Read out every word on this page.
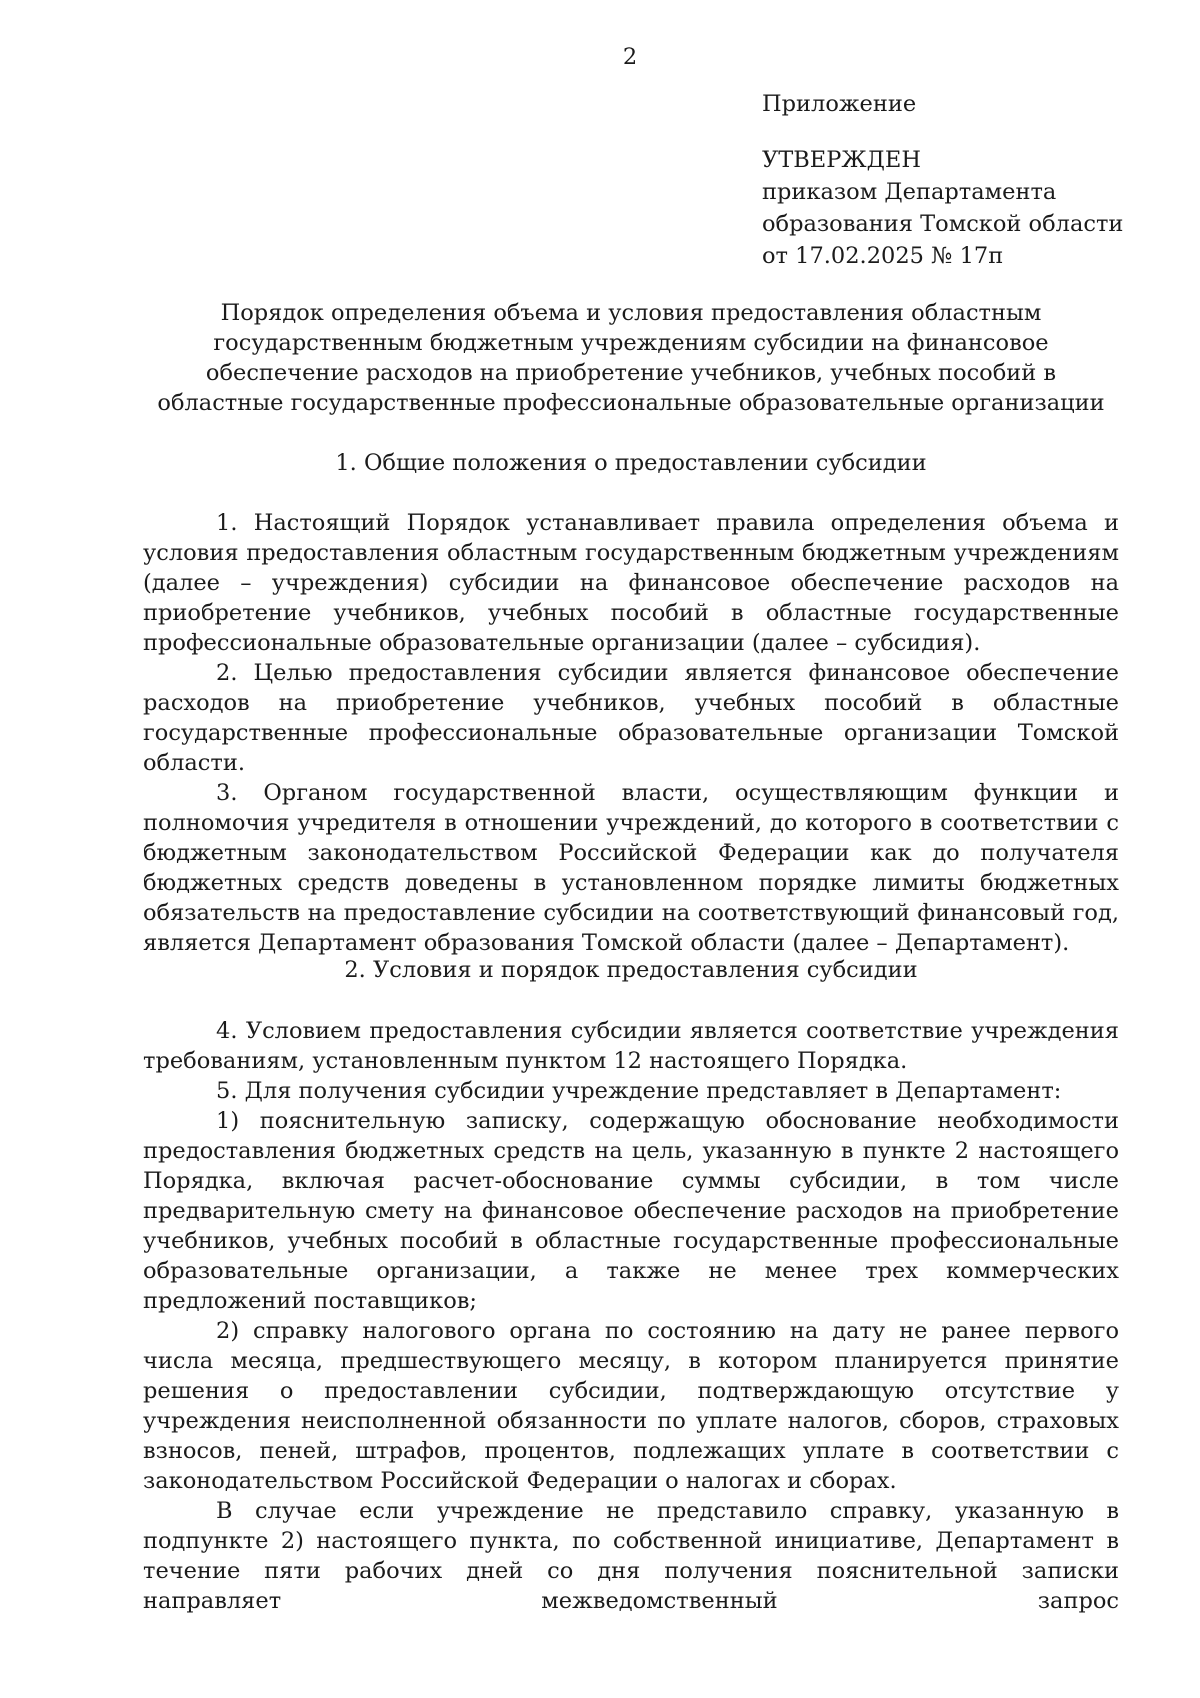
2
Приложение
УТВЕРЖДЕН
приказом Департамента
образования Томской области
от 17.02.2025 № 17п
Порядок определения объема и условия предоставления областным государственным бюджетным учреждениям субсидии на финансовое обеспечение расходов на приобретение учебников, учебных пособий в областные государственные профессиональные образовательные организации
1. Общие положения о предоставлении субсидии

1. Настоящий Порядок устанавливает правила определения объема и условия предоставления областным государственным бюджетным учреждениям (далее – учреждения) субсидии на финансовое обеспечение расходов на приобретение учебников, учебных пособий в областные государственные профессиональные образовательные организации (далее – субсидия).

2. Целью предоставления субсидии является финансовое обеспечение расходов на приобретение учебников, учебных пособий в областные государственные профессиональные образовательные организации Томской области.

3. Органом государственной власти, осуществляющим функции и полномочия учредителя в отношении учреждений, до которого в соответствии с бюджетным законодательством Российской Федерации как до получателя бюджетных средств доведены в установленном порядке лимиты бюджетных обязательств на предоставление субсидии на соответствующий финансовый год, является Департамент образования Томской области (далее – Департамент).

2. Условия и порядок предоставления субсидии

4. Условием предоставления субсидии является соответствие учреждения требованиям, установленным пунктом 12 настоящего Порядка.

5. Для получения субсидии учреждение представляет в Департамент:

1) пояснительную записку, содержащую обоснование необходимости предоставления бюджетных средств на цель, указанную в пункте 2 настоящего Порядка, включая расчет-обоснование суммы субсидии, в том числе предварительную смету на финансовое обеспечение расходов на приобретение учебников, учебных пособий в областные государственные профессиональные образовательные организации, а также не менее трех коммерческих предложений поставщиков;

2) справку налогового органа по состоянию на дату не ранее первого числа месяца, предшествующего месяцу, в котором планируется принятие решения о предоставлении субсидии, подтверждающую отсутствие у учреждения неисполненной обязанности по уплате налогов, сборов, страховых взносов, пеней, штрафов, процентов, подлежащих уплате в соответствии с законодательством Российской Федерации о налогах и сборах.

В случае если учреждение не представило справку, указанную в подпункте 2) настоящего пункта, по собственной инициативе, Департамент в течение пяти рабочих дней со дня получения пояснительной записки направляет межведомственный запрос
